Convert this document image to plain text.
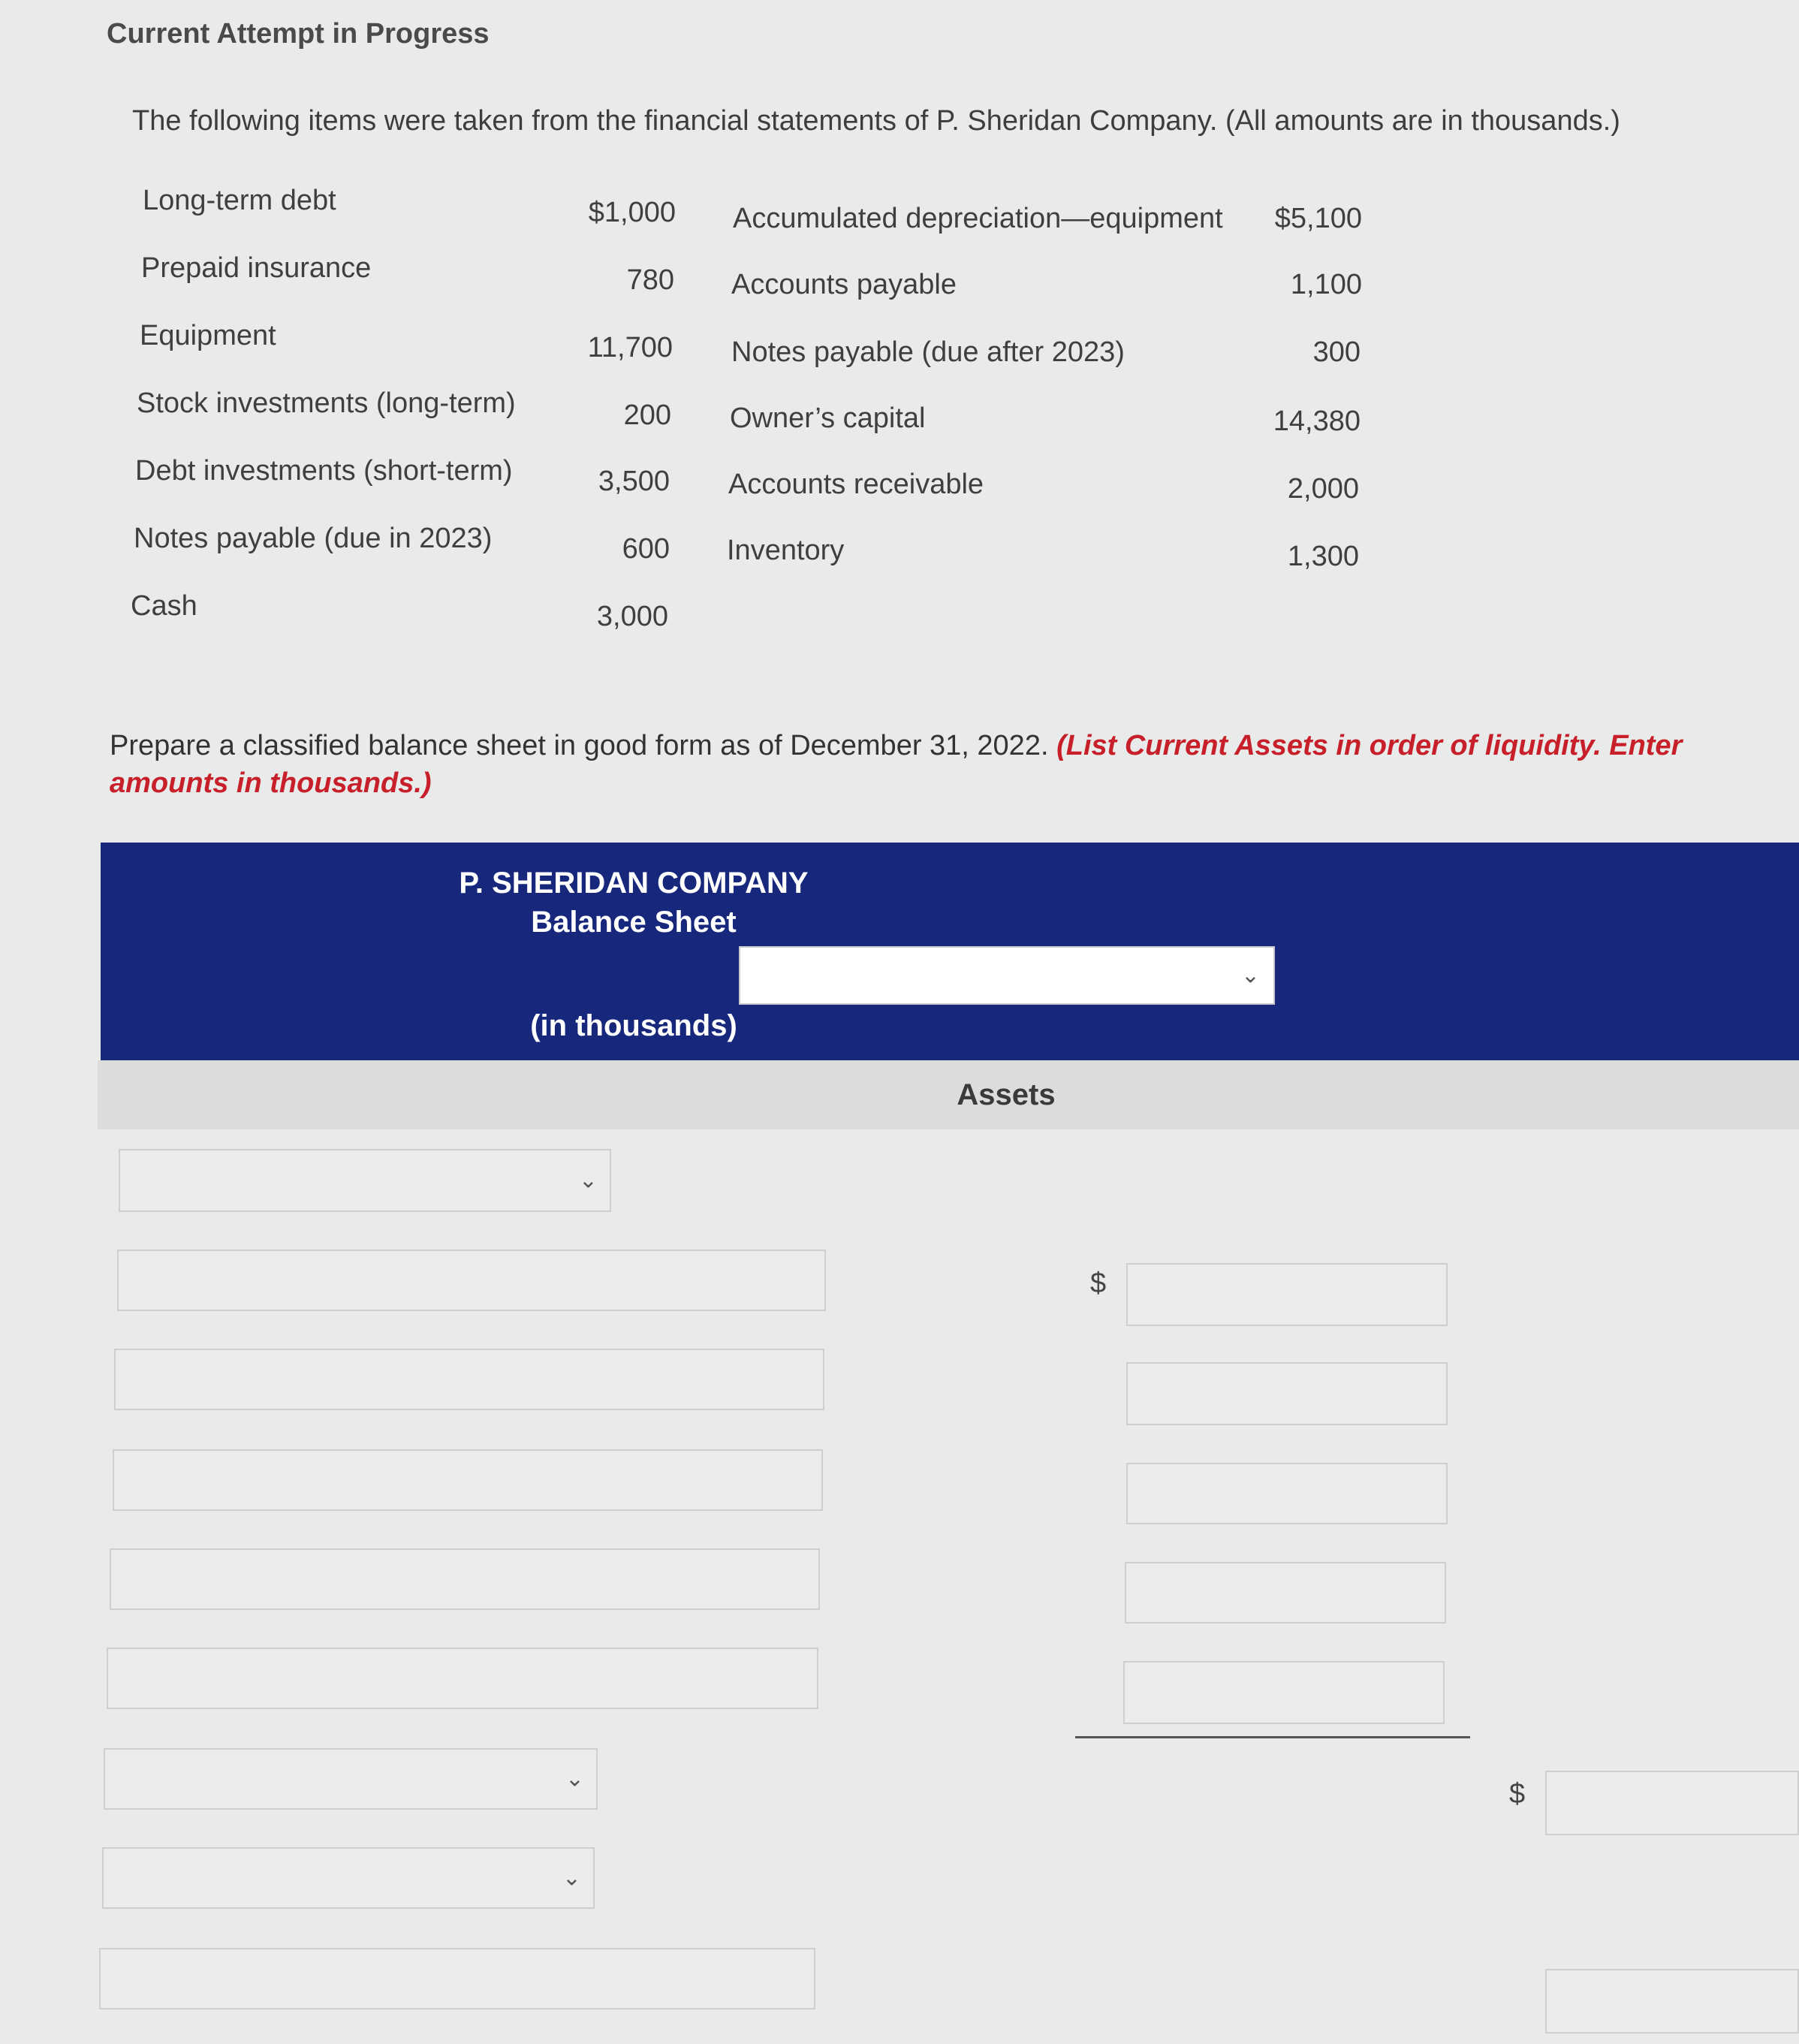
Current Attempt in Progress
The following items were taken from the financial statements of P. Sheridan Company. (All amounts are in thousands.)
Long-term debt	$1,000
Prepaid insurance	780
Equipment	11,700
Stock investments (long-term)	200
Debt investments (short-term)	3,500
Notes payable (due in 2023)	600
Cash	3,000
Accumulated depreciation—equipment	$5,100
Accounts payable	1,100
Notes payable (due after 2023)	300
Owner’s capital	14,380
Accounts receivable	2,000
Inventory	1,300
Prepare a classified balance sheet in good form as of December 31, 2022. (List Current Assets in order of liquidity. Enter amounts in thousands.)
P. SHERIDAN COMPANY
Balance Sheet
⌄
(in thousands)
Assets
⌄
⌄
⌄
$
$
